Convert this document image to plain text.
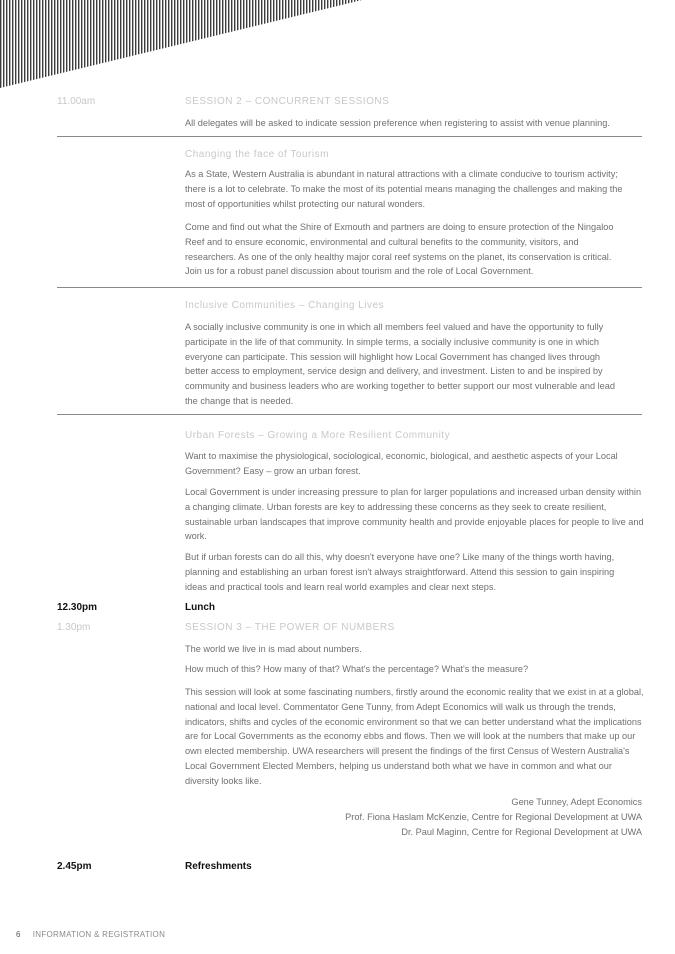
11.00am	SESSION 2 – CONCURRENT SESSIONS
All delegates will be asked to indicate session preference when registering to assist with venue planning.
Changing the face of Tourism
As a State, Western Australia is abundant in natural attractions with a climate conducive to tourism activity; there is a lot to celebrate. To make the most of its potential means managing the challenges and making the most of opportunities whilst protecting our natural wonders.
Come and find out what the Shire of Exmouth and partners are doing to ensure protection of the Ningaloo Reef and to ensure economic, environmental and cultural benefits to the community, visitors, and researchers. As one of the only healthy major coral reef systems on the planet, its conservation is critical. Join us for a robust panel discussion about tourism and the role of Local Government.
Inclusive Communities – Changing Lives
A socially inclusive community is one in which all members feel valued and have the opportunity to fully participate in the life of that community. In simple terms, a socially inclusive community is one in which everyone can participate. This session will highlight how Local Government has changed lives through better access to employment, service design and delivery, and investment. Listen to and be inspired by community and business leaders who are working together to better support our most vulnerable and lead the change that is needed.
Urban Forests – Growing a More Resilient Community
Want to maximise the physiological, sociological, economic, biological, and aesthetic aspects of your Local Government? Easy – grow an urban forest.
Local Government is under increasing pressure to plan for larger populations and increased urban density within a changing climate. Urban forests are key to addressing these concerns as they seek to create resilient, sustainable urban landscapes that improve community health and provide enjoyable places for people to live and work.
But if urban forests can do all this, why doesn't everyone have one? Like many of the things worth having, planning and establishing an urban forest isn't always straightforward. Attend this session to gain inspiring ideas and practical tools and learn real world examples and clear next steps.
12.30pm	Lunch
1.30pm	SESSION 3 – THE POWER OF NUMBERS
The world we live in is mad about numbers.
How much of this? How many of that? What's the percentage? What's the measure?
This session will look at some fascinating numbers, firstly around the economic reality that we exist in at a global, national and local level. Commentator Gene Tunny, from Adept Economics will walk us through the trends, indicators, shifts and cycles of the economic environment so that we can better understand what the implications are for Local Governments as the economy ebbs and flows. Then we will look at the numbers that make up our own elected membership. UWA researchers will present the findings of the first Census of Western Australia's Local Government Elected Members, helping us understand both what we have in common and what our diversity looks like.
Gene Tunney, Adept Economics
Prof. Fiona Haslam McKenzie, Centre for Regional Development at UWA
Dr. Paul Maginn, Centre for Regional Development at UWA
2.45pm	Refreshments
6 INFORMATION & REGISTRATION
